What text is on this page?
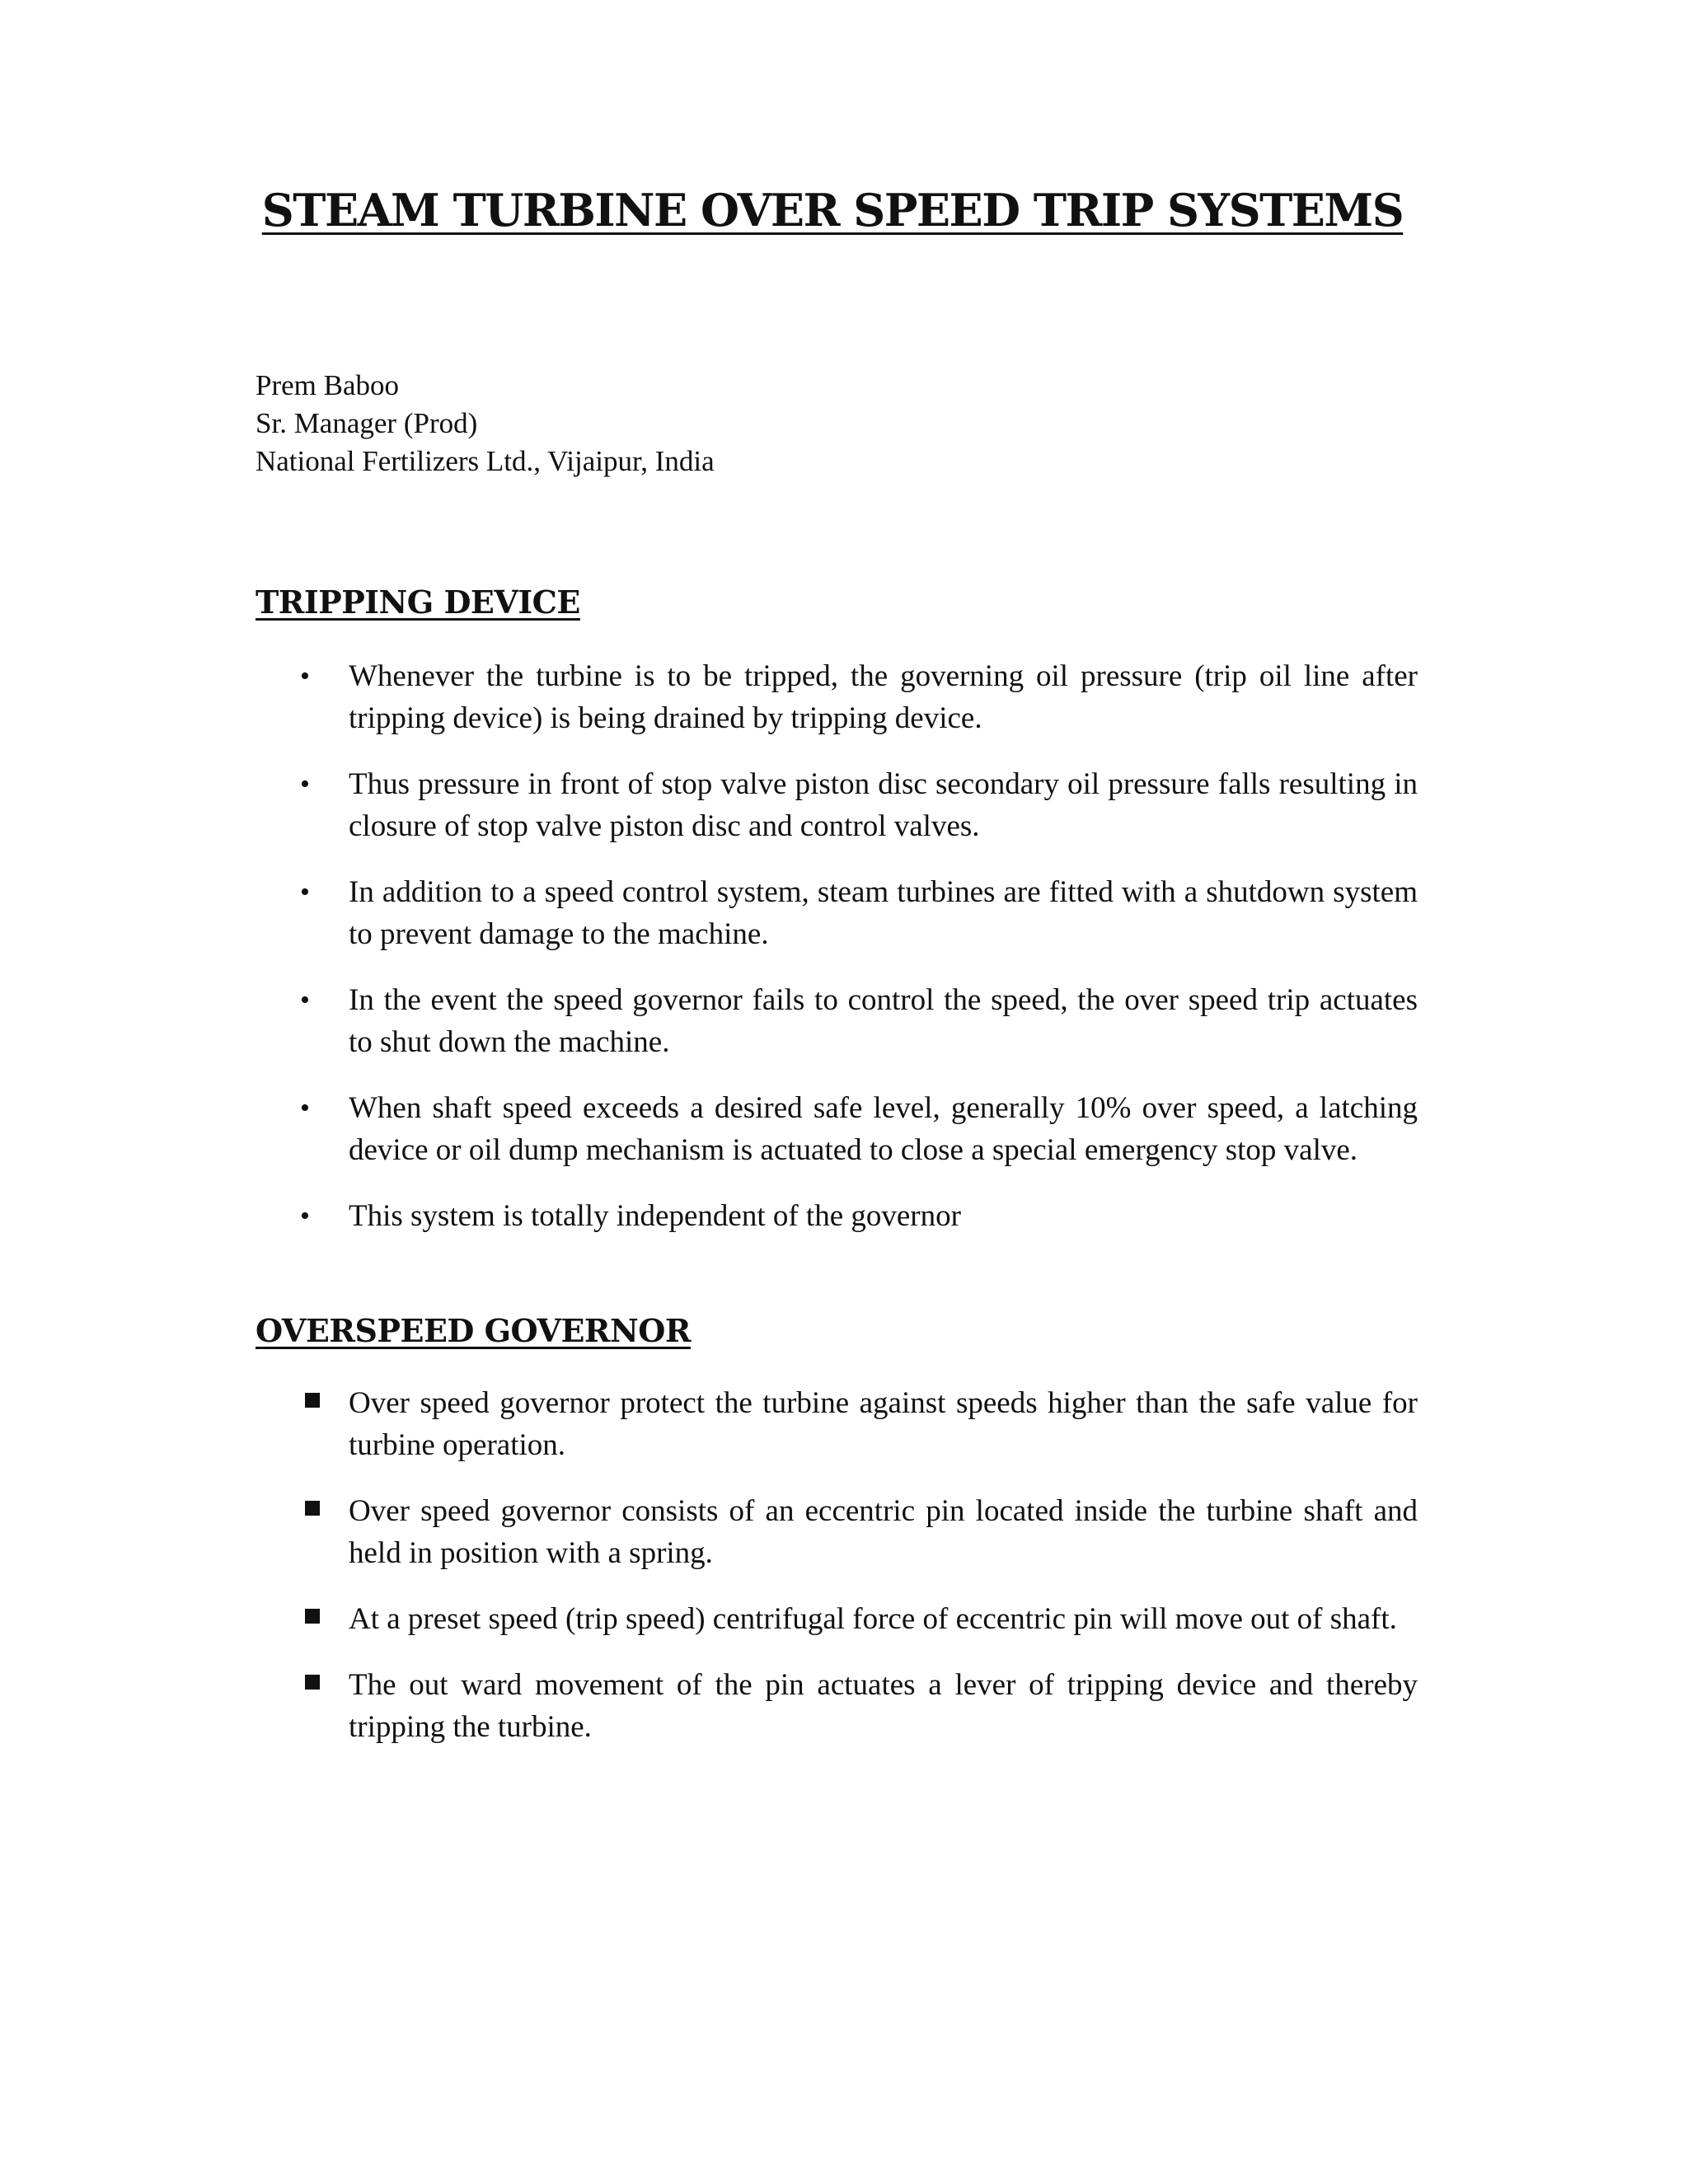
STEAM TURBINE OVER SPEED TRIP SYSTEMS
Prem Baboo
Sr. Manager (Prod)
National Fertilizers Ltd., Vijaipur, India
TRIPPING DEVICE
• Whenever the turbine is to be tripped, the governing oil pressure (trip oil line after tripping device) is being drained by tripping device.
• Thus pressure in front of stop valve piston disc secondary oil pressure falls resulting in closure of stop valve piston disc and control valves.
• In addition to a speed control system, steam turbines are fitted with a shutdown system to prevent damage to the machine.
• In the event the speed governor fails to control the speed, the over speed trip actuates to shut down the machine.
• When shaft speed exceeds a desired safe level, generally 10% over speed, a latching device or oil dump mechanism is actuated to close a special emergency stop valve.
• This system is totally independent of the governor
OVERSPEED GOVERNOR
Over speed governor protect the turbine against speeds higher than the safe value for turbine operation.
Over speed governor consists of an eccentric pin located inside the turbine shaft and held in position with a spring.
At a preset speed (trip speed) centrifugal force of eccentric pin will move out of shaft.
The out ward movement of the pin actuates a lever of tripping device and thereby tripping the turbine.
